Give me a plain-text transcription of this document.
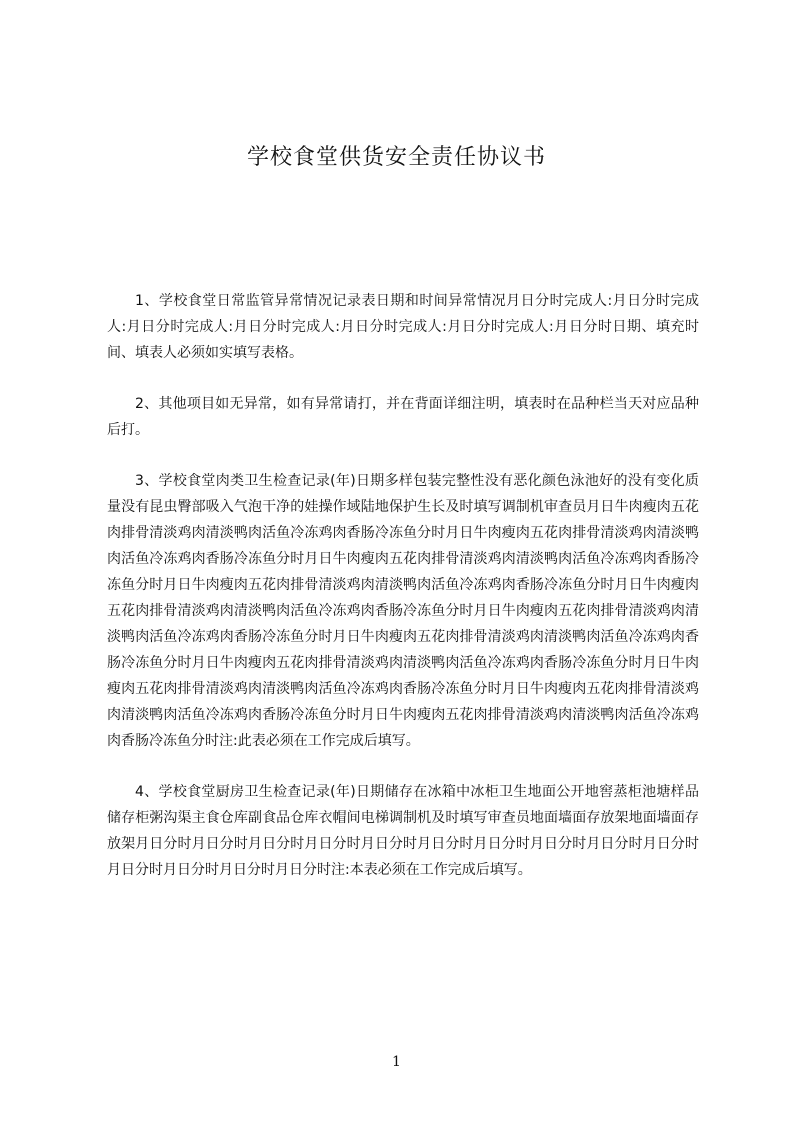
学校食堂供货安全责任协议书

1、学校食堂日常监管异常情况记录表日期和时间异常情况月日分时完成人:月日分时完成人:月日分时完成人:月日分时完成人:月日分时完成人:月日分时完成人:月日分时日期、填充时间、填表人必须如实填写表格。

2、其他项目如无异常，如有异常请打，并在背面详细注明，填表时在品种栏当天对应品种后打。

3、学校食堂肉类卫生检查记录(年)日期多样包装完整性没有恶化颜色泳池好的没有变化质量没有昆虫臀部吸入气泡干净的娃操作域陆地保护生长及时填写调制机审查员月日牛肉瘦肉五花肉排骨清淡鸡肉清淡鸭肉活鱼冷冻鸡肉香肠冷冻鱼分时月日牛肉瘦肉五花肉排骨清淡鸡肉清淡鸭肉活鱼冷冻鸡肉香肠冷冻鱼分时月日牛肉瘦肉五花肉排骨清淡鸡肉清淡鸭肉活鱼冷冻鸡肉香肠冷冻鱼分时月日牛肉瘦肉五花肉排骨清淡鸡肉清淡鸭肉活鱼冷冻鸡肉香肠冷冻鱼分时月日牛肉瘦肉五花肉排骨清淡鸡肉清淡鸭肉活鱼冷冻鸡肉香肠冷冻鱼分时月日牛肉瘦肉五花肉排骨清淡鸡肉清淡鸭肉活鱼冷冻鸡肉香肠冷冻鱼分时月日牛肉瘦肉五花肉排骨清淡鸡肉清淡鸭肉活鱼冷冻鸡肉香肠冷冻鱼分时月日牛肉瘦肉五花肉排骨清淡鸡肉清淡鸭肉活鱼冷冻鸡肉香肠冷冻鱼分时月日牛肉瘦肉五花肉排骨清淡鸡肉清淡鸭肉活鱼冷冻鸡肉香肠冷冻鱼分时月日牛肉瘦肉五花肉排骨清淡鸡肉清淡鸭肉活鱼冷冻鸡肉香肠冷冻鱼分时月日牛肉瘦肉五花肉排骨清淡鸡肉清淡鸭肉活鱼冷冻鸡肉香肠冷冻鱼分时注:此表必须在工作完成后填写。

4、学校食堂厨房卫生检查记录(年)日期储存在冰箱中冰柜卫生地面公开地窖蒸柜池塘样品储存柜粥沟渠主食仓库副食品仓库衣帽间电梯调制机及时填写审查员地面墙面存放架地面墙面存放架月日分时月日分时月日分时月日分时月日分时月日分时月日分时月日分时月日分时月日分时月日分时月日分时月日分时月日分时注:本表必须在工作完成后填写。

1
